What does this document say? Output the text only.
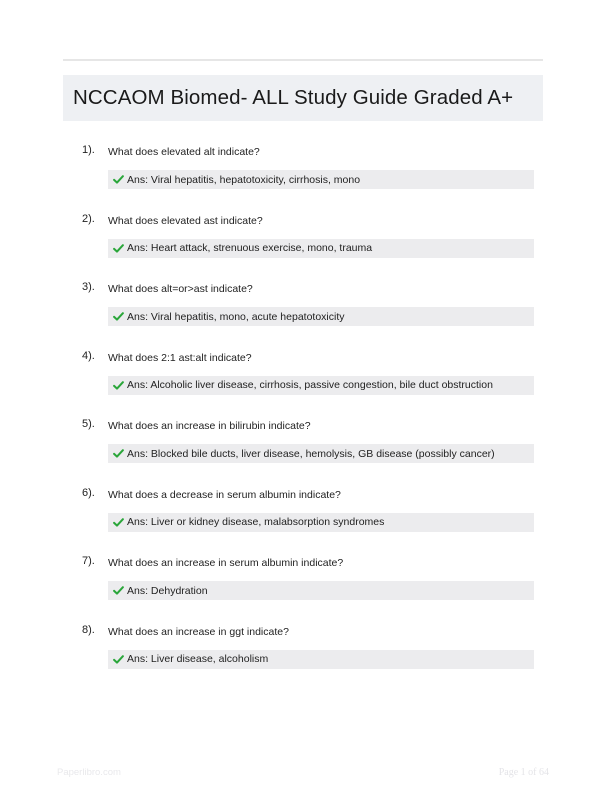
NCCAOM Biomed- ALL Study Guide Graded A+
1). What does elevated alt indicate?
Ans: Viral hepatitis, hepatotoxicity, cirrhosis, mono
2). What does elevated ast indicate?
Ans: Heart attack, strenuous exercise, mono, trauma
3). What does alt=or>ast indicate?
Ans: Viral hepatitis, mono, acute hepatotoxicity
4). What does 2:1 ast:alt indicate?
Ans: Alcoholic liver disease, cirrhosis, passive congestion, bile duct obstruction
5). What does an increase in bilirubin indicate?
Ans: Blocked bile ducts, liver disease, hemolysis, GB disease (possibly cancer)
6). What does a decrease in serum albumin indicate?
Ans: Liver or kidney disease, malabsorption syndromes
7). What does an increase in serum albumin indicate?
Ans: Dehydration
8). What does an increase in ggt indicate?
Ans: Liver disease, alcoholism
Paperlibro.com	Page 1 of 64
